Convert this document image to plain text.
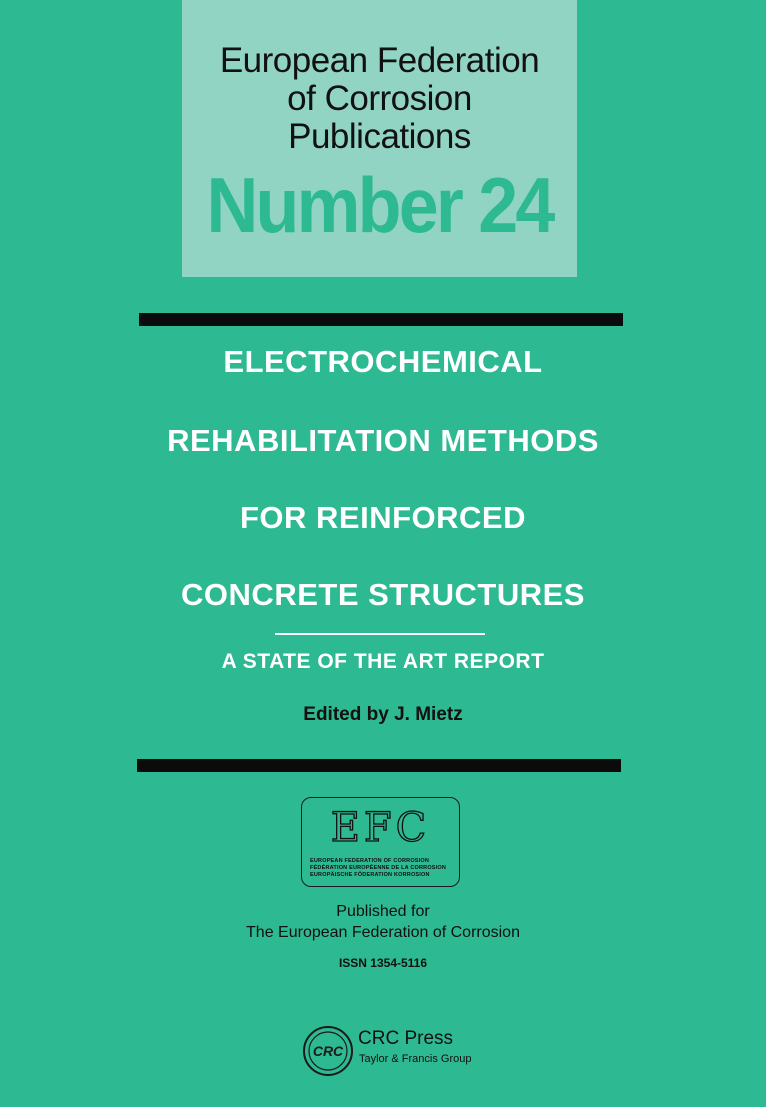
European Federation
of Corrosion
Publications
Number 24
ELECTROCHEMICAL
REHABILITATION METHODS
FOR REINFORCED
CONCRETE STRUCTURES
A STATE OF THE ART REPORT
Edited by J. Mietz
EFC
EUROPEAN FEDERATION OF CORROSION
FÉDÉRATION EUROPÉENNE DE LA CORROSION
EUROPÄISCHE FÖDERATION KORROSION
Published for
The European Federation of Corrosion
ISSN 1354-5116
CRC
CRC Press
Taylor & Francis Group
